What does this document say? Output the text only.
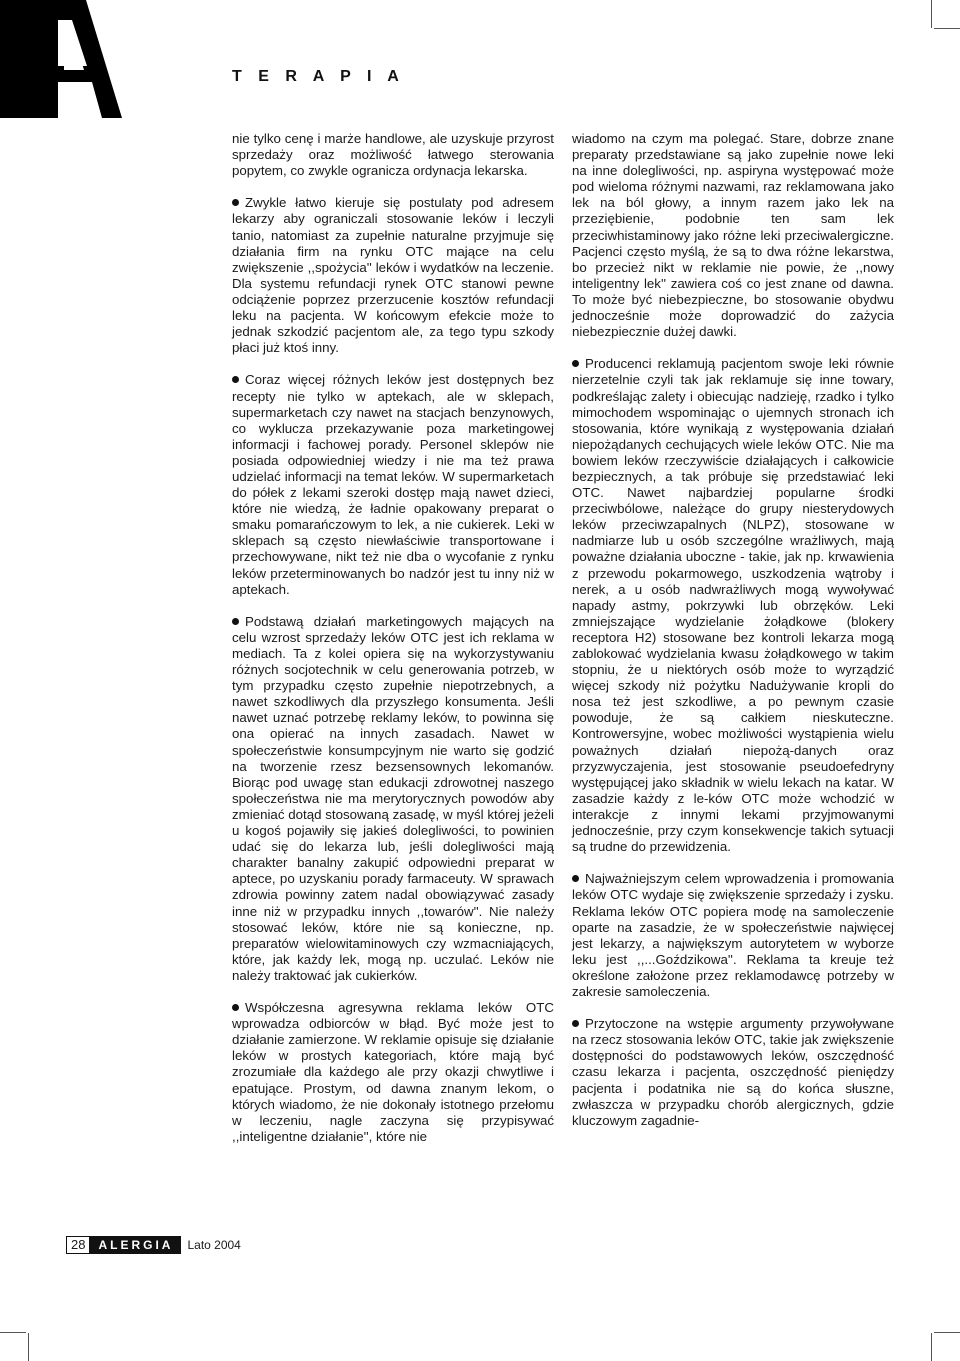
T E R A P I A

nie tylko cenę i marże handlowe, ale uzyskuje przyrost sprzedaży oraz możliwość łatwego sterowania popytem, co zwykle ogranicza ordynacja lekarska.

Zwykle łatwo kieruje się postulaty pod adresem lekarzy aby ograniczali stosowanie leków i leczyli tanio, natomiast za zupełnie naturalne przyjmuje się działania firm na rynku OTC mające na celu zwiększenie ,,spożycia'' leków i wydatków na leczenie. Dla systemu refundacji rynek OTC stanowi pewne odciążenie poprzez przerzucenie kosztów refundacji leku na pacjenta. W końcowym efekcie może to jednak szkodzić pacjentom ale, za tego typu szkody płaci już ktoś inny.

Coraz więcej różnych leków jest dostępnych bez recepty nie tylko w aptekach, ale w sklepach, supermarketach czy nawet na stacjach benzynowych, co wyklucza przekazywanie poza marketingowej informacji i fachowej porady. Personel sklepów nie posiada odpowiedniej wiedzy i nie ma też prawa udzielać informacji na temat leków. W supermarketach do półek z lekami szeroki dostęp mają nawet dzieci, które nie wiedzą, że ładnie opakowany preparat o smaku pomarańczowym to lek, a nie cukierek. Leki w sklepach są często niewłaściwie transportowane i przechowywane, nikt też nie dba o wycofanie z rynku leków przeterminowanych bo nadzór jest tu inny niż w aptekach.

Podstawą działań marketingowych mających na celu wzrost sprzedaży leków OTC jest ich reklama w mediach. Ta z kolei opiera się na wykorzystywaniu różnych socjotechnik w celu generowania potrzeb, w tym przypadku często zupełnie niepotrzebnych, a nawet szkodliwych dla przyszłego konsumenta. Jeśli nawet uznać potrzebę reklamy leków, to powinna się ona opierać na innych zasadach. Nawet w społeczeństwie konsumpcyjnym nie warto się godzić na tworzenie rzesz bezsensownych lekomanów. Biorąc pod uwagę stan edukacji zdrowotnej naszego społeczeństwa nie ma merytorycznych powodów aby zmieniać dotąd stosowaną zasadę, w myśl której jeżeli u kogoś pojawiły się jakieś dolegliwości, to powinien udać się do lekarza lub, jeśli dolegliwości mają charakter banalny zakupić odpowiedni preparat w aptece, po uzyskaniu porady farmaceuty. W sprawach zdrowia powinny zatem nadal obowiązywać zasady inne niż w przypadku innych ,,towarów''. Nie należy stosować leków, które nie są konieczne, np. preparatów wielowitaminowych czy wzmacniających, które, jak każdy lek, mogą np. uczulać. Leków nie należy traktować jak cukierków.

Współczesna agresywna reklama leków OTC wprowadza odbiorców w błąd. Być może jest to działanie zamierzone. W reklamie opisuje się działanie leków w prostych kategoriach, które mają być zrozumiałe dla każdego ale przy okazji chwytliwe i epatujące. Prostym, od dawna znanym lekom, o których wiadomo, że nie dokonały istotnego przełomu w leczeniu, nagle zaczyna się przypisywać ,,inteligentne działanie'', które nie

wiadomo na czym ma polegać. Stare, dobrze znane preparaty przedstawiane są jako zupełnie nowe leki na inne dolegliwości, np. aspiryna występować może pod wieloma różnymi nazwami, raz reklamowana jako lek na ból głowy, a innym razem jako lek na przeziębienie, podobnie ten sam lek przeciwhistaminowy jako różne leki przeciwalergiczne. Pacjenci często myślą, że są to dwa różne lekarstwa, bo przecież nikt w reklamie nie powie, że ,,nowy inteligentny lek'' zawiera coś co jest znane od dawna. To może być niebezpieczne, bo stosowanie obydwu jednocześnie może doprowadzić do zażycia niebezpiecznie dużej dawki.

Producenci reklamują pacjentom swoje leki równie nierzetelnie czyli tak jak reklamuje się inne towary, podkreślając zalety i obiecując nadzieję, rzadko i tylko mimochodem wspominając o ujemnych stronach ich stosowania, które wynikają z występowania działań niepożądanych cechujących wiele leków OTC. Nie ma bowiem leków rzeczywiście działających i całkowicie bezpiecznych, a tak próbuje się przedstawiać leki OTC. Nawet najbardziej popularne środki przeciwbólowe, należące do grupy niesterydowych leków przeciwzapalnych (NLPZ), stosowane w nadmiarze lub u osób szczególne wrażliwych, mają poważne działania uboczne - takie, jak np. krwawienia z przewodu pokarmowego, uszkodzenia wątroby i nerek, a u osób nadwrażliwych mogą wywoływać napady astmy, pokrzywki lub obrzęków. Leki zmniejszające wydzielanie żołądkowe (blokery receptora H2) stosowane bez kontroli lekarza mogą zablokować wydzielania kwasu żołądkowego w takim stopniu, że u niektórych osób może to wyrządzić więcej szkody niż pożytku Nadużywanie kropli do nosa też jest szkodliwe, a po pewnym czasie powoduje, że są całkiem nieskuteczne. Kontrowersyjne, wobec możliwości wystąpienia wielu poważnych działań niepożą-danych oraz przyzwyczajenia, jest stosowanie pseudoefedryny występującej jako składnik w wielu lekach na katar. W zasadzie każdy z le-ków OTC może wchodzić w interakcje z innymi lekami przyjmowanymi jednocześnie, przy czym konsekwencje takich sytuacji są trudne do przewidzenia.

Najważniejszym celem wprowadzenia i promowania leków OTC wydaje się zwiększenie sprzedaży i zysku. Reklama leków OTC popiera modę na samoleczenie oparte na zasadzie, że w społeczeństwie najwięcej jest lekarzy, a największym autorytetem w wyborze leku jest ,,...Goździkowa''. Reklama ta kreuje też określone założone przez reklamodawcę potrzeby w zakresie samoleczenia.

Przytoczone na wstępie argumenty przywoływane na rzecz stosowania leków OTC, takie jak zwiększenie dostępności do podstawowych leków, oszczędność czasu lekarza i pacjenta, oszczędność pieniędzy pacjenta i podatnika nie są do końca słuszne, zwłaszcza w przypadku chorób alergicznych, gdzie kluczowym zagadnie-

28	ALERGIA	Lato 2004
